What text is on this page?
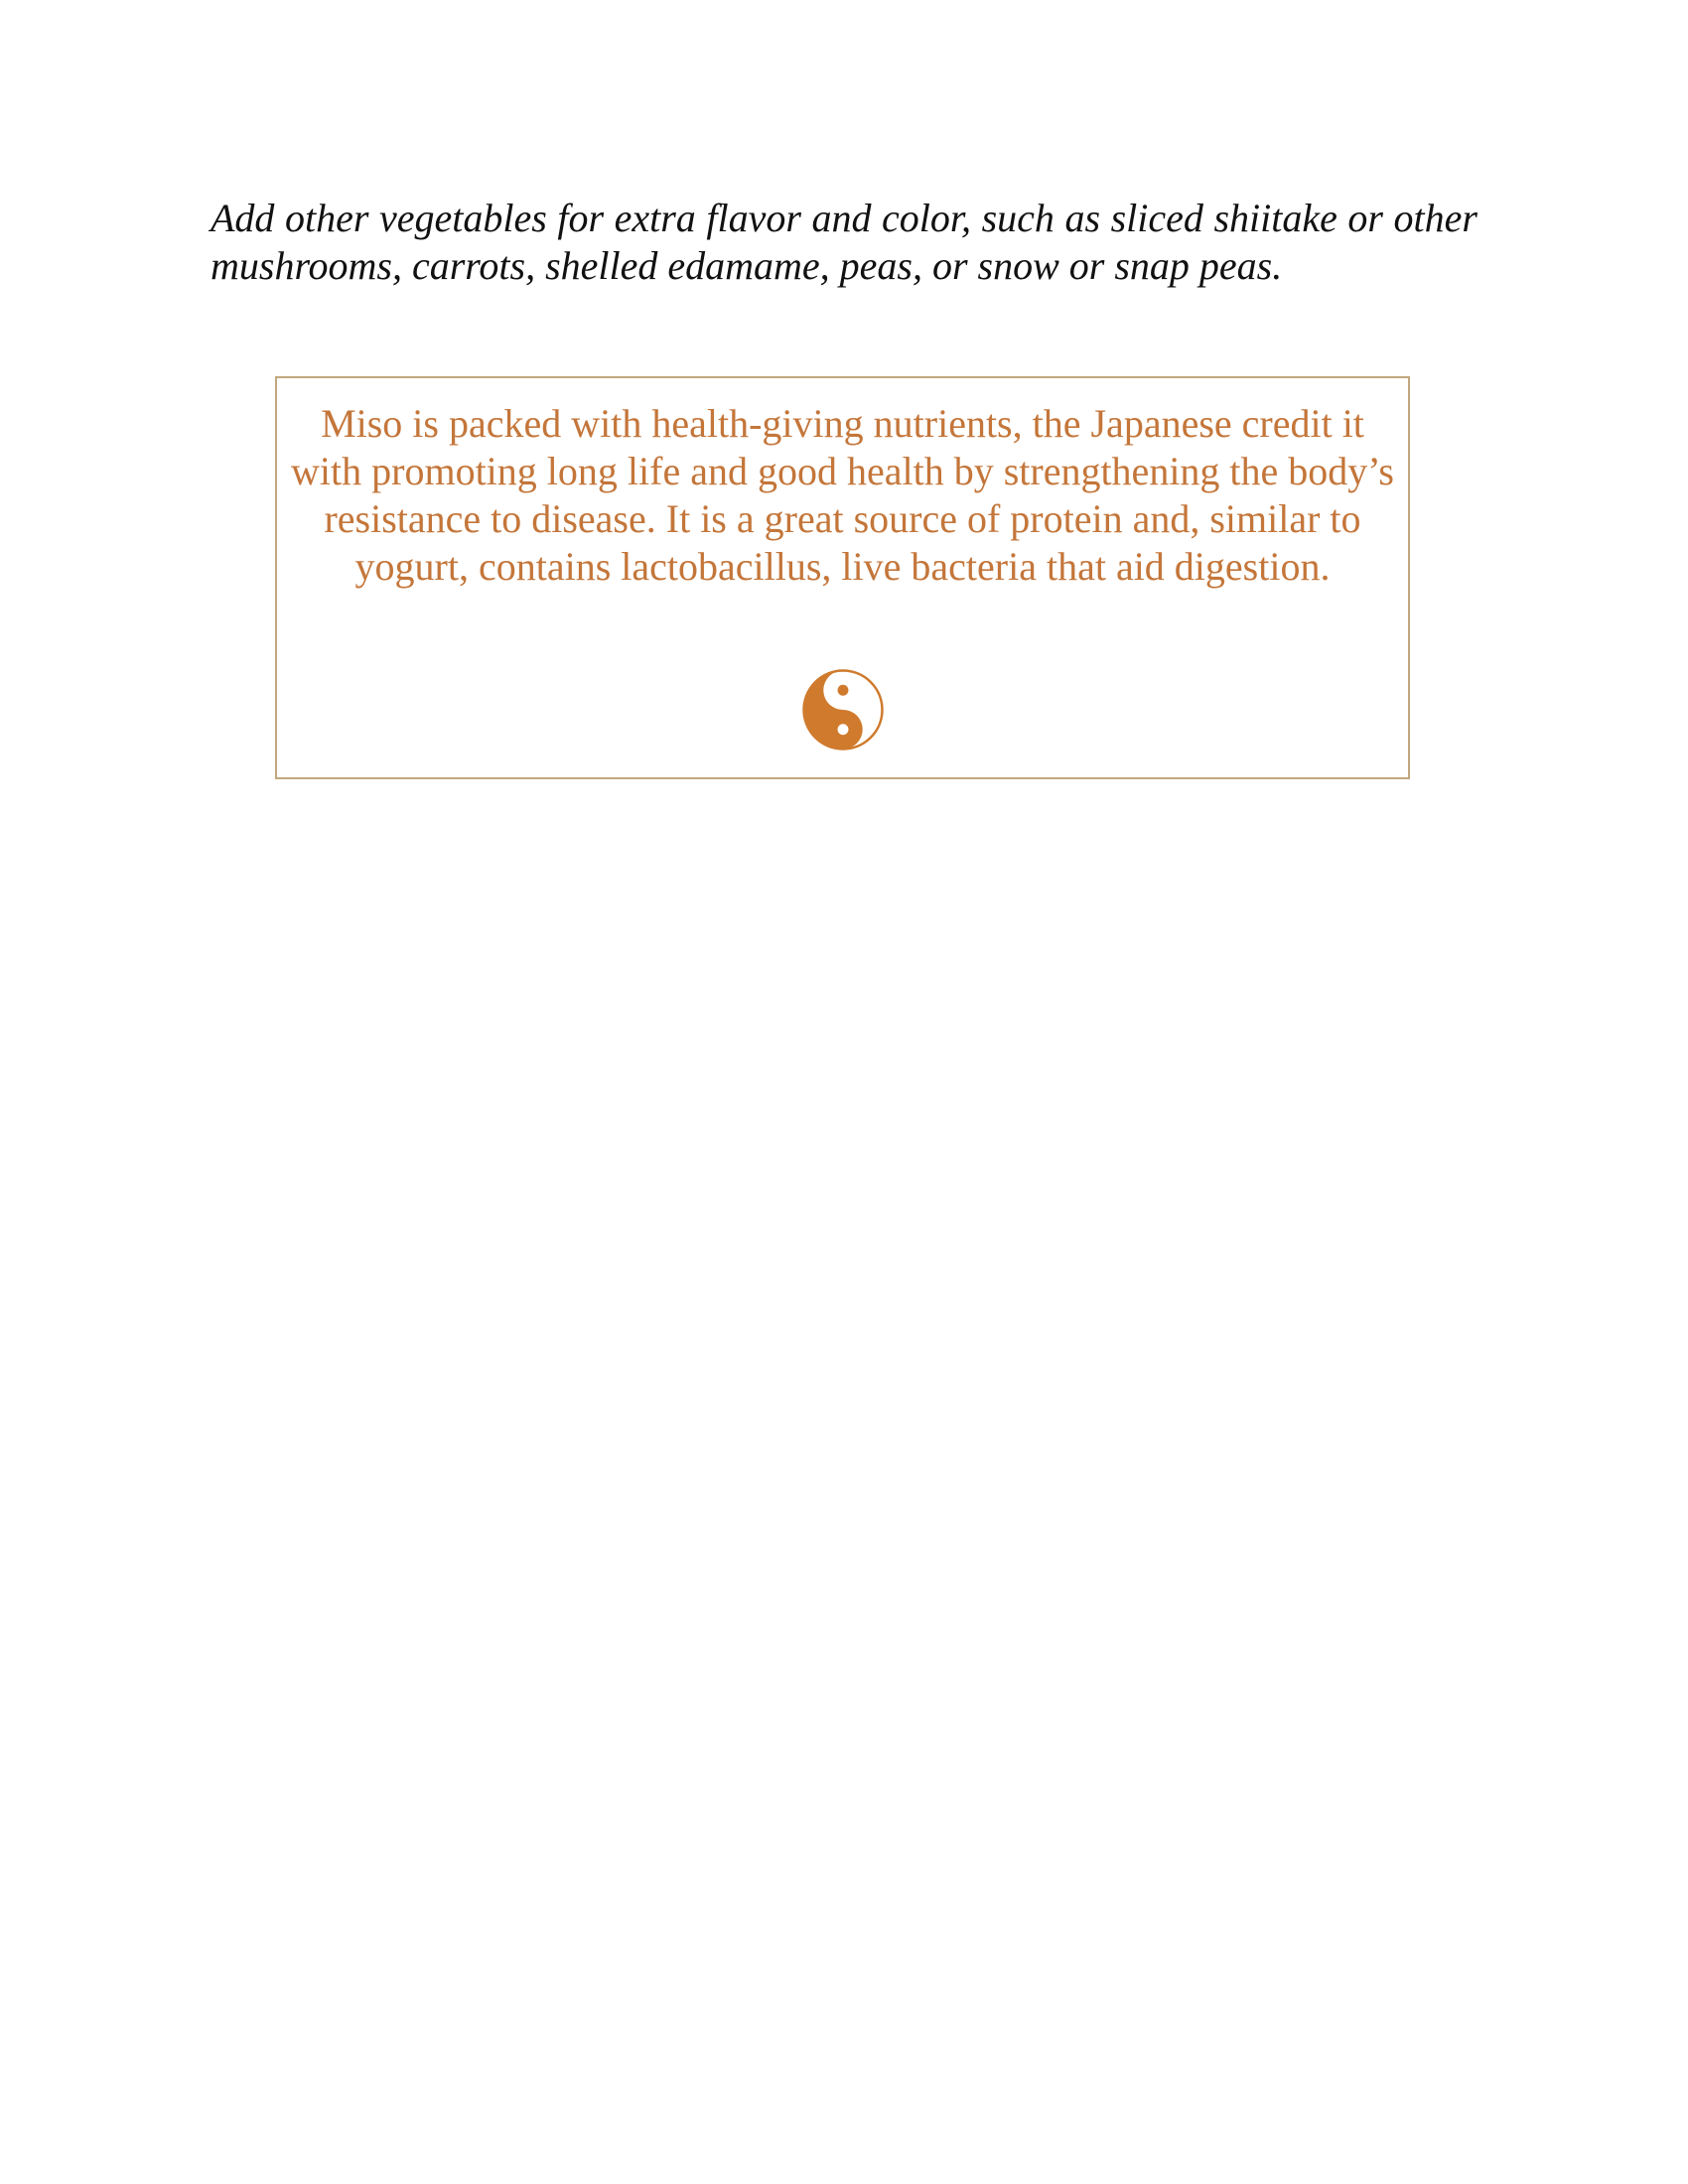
Add other vegetables for extra flavor and color, such as sliced shiitake or other mushrooms, carrots, shelled edamame, peas, or snow or snap peas.

Miso is packed with health-giving nutrients, the Japanese credit it with promoting long life and good health by strengthening the body’s resistance to disease. It is a great source of protein and, similar to yogurt, contains lactobacillus, live bacteria that aid digestion.
